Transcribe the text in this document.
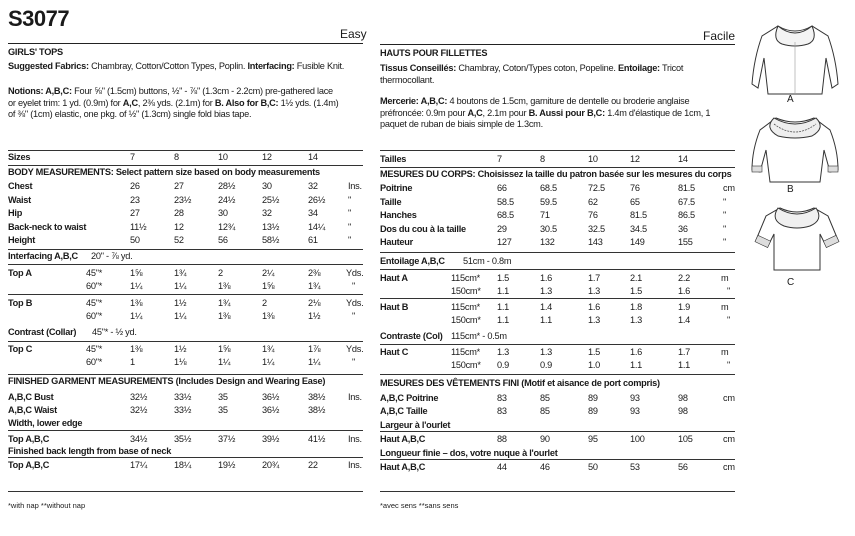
S3077
Easy	Facile
GIRLS' TOPS
Suggested Fabrics: Chambray, Cotton/Cotton Types, Poplin. Interfacing: Fusible Knit.
Notions: A,B,C: Four ⅝" (1.5cm) buttons, ½" - ⅞" (1.3cm - 2.2cm) pre-gathered lace
or eyelet trim: 1 yd. (0.9m) for A,C, 2⅜ yds. (2.1m) for B. Also for B,C: 1½ yds. (1.4m)
of ⅜" (1cm) elastic, one pkg. of ½" (1.3cm) single fold bias tape.
Sizes	7	8	10	12	14
BODY MEASUREMENTS: Select pattern size based on body measurements
Chest	26	27	28½	30	32	Ins.
Waist	23	23½	24½	25½	26½ "
Hip	27	28	30	32	34	"
Back-neck to waist	11½	12	12¾	13½	14¼ "
Height	50	52	56	58½	61	"
Interfacing A,B,C 20" - ⅞ yd.
Top A	45"*	1⅝	1¾	2	2¼	2⅜	Yds.
60"*	1¼	1¼	1⅜	1⅝	1¾	"
Top B	45"*	1⅜	1½	1¾	2	2⅛	Yds.
60"*	1¼	1¼	1⅜	1⅜	1½	"
Contrast (Collar) 45"* - ½ yd.
Top C	45"*	1⅜	1½	1⅝	1¾	1⅞	Yds.
60"*	1	1⅛	1¼	1¼	1¼	"
FINISHED GARMENT MEASUREMENTS (Includes Design and Wearing Ease)
A,B,C Bust	32½	33½	35	36½	38½ Ins.
A,B,C Waist	32½	33½	35	36½	38½
Width, lower edge
Top A,B,C	34½	35½	37½	39½	41½ Ins.
Finished back length from base of neck
Top A,B,C	17¼	18¼	19½	20¾	22	Ins.
*with nap **without nap
HAUTS POUR FILLETTES
Tissus Conseillés: Chambray, Coton/Types coton, Popeline. Entoilage: Tricot
thermocollant.
Mercerie: A,B,C: 4 boutons de 1.5cm, garniture de dentelle ou broderie anglaise
préfroncée: 0.9m pour A,C, 2.1m pour B. Aussi pour B,C: 1.4m d'élastique de 1cm, 1
paquet de ruban de biais simple de 1.3cm.
Tailles	7	8	10	12	14
MESURES DU CORPS: Choisissez la taille du patron basée sur les mesures du corps
Poitrine	66	68.5	72.5	76	81.5	cm
Taille	58.5	59.5	62	65	67.5	"
Hanches	68.5	71	76	81.5	86.5	"
Dos du cou à la taille	29	30.5	32.5	34.5	36	"
Hauteur	127	132	143	149	155	"
Entoilage A,B,C 51cm - 0.8m
Haut A	115cm* 1.5	1.6	1.7	2.1	2.2	m
150cm* 1.1	1.3	1.3	1.5	1.6	"
Haut B	115cm* 1.1	1.4	1.6	1.8	1.9	m
150cm* 1.1	1.1	1.3	1.3	1.4	"
Contraste (Col) 115cm* - 0.5m
Haut C	115cm* 1.3	1.3	1.5	1.6	1.7	m
150cm* 0.9	0.9	1.0	1.1	1.1	"
MESURES DES VÊTEMENTS FINI (Motif et aisance de port compris)
A,B,C Poitrine	83	85	89	93	98	cm
A,B,C Taille	83	85	89	93	98
Largeur à l'ourlet
Haut A,B,C	88	90	95	100	105	cm
Longueur finie – dos, votre nuque à l'ourlet
Haut A,B,C	44	46	50	53	56	cm
*avec sens **sans sens
A
B
C
